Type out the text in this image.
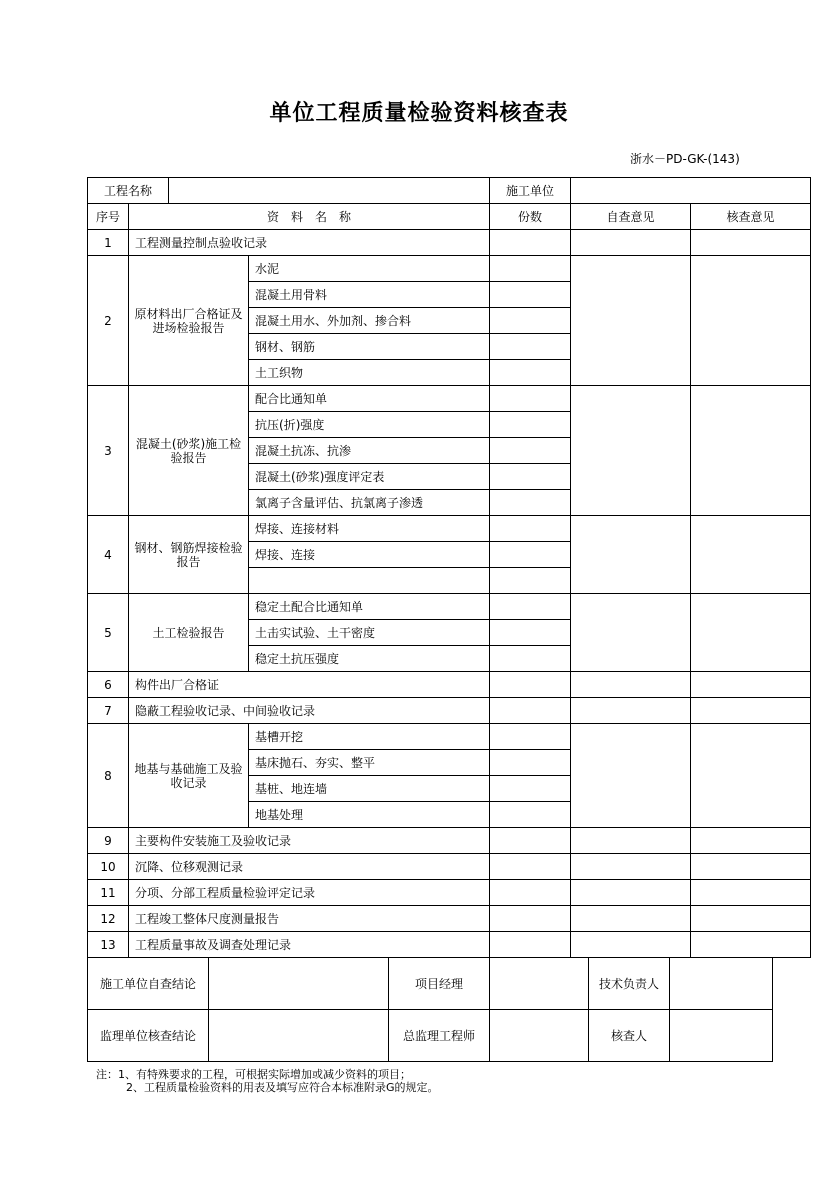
单位工程质量检验资料核查表
浙水－PD-GK-(143)
工程名称				施工单位		
序号	资　料　名　称			份数	自查意见	核查意见
1	工程测量控制点验收记录					
2	原材料出厂合格证及进场检验报告		水泥			
			混凝土用骨料			
			混凝土用水、外加剂、掺合料			
			钢材、钢筋			
			土工织物			
3	混凝土(砂浆)施工检验报告		配合比通知单			
			抗压(折)强度			
			混凝土抗冻、抗渗			
			混凝土(砂浆)强度评定表			
			氯离子含量评估、抗氯离子渗透			
4	钢材、钢筋焊接检验报告		焊接、连接材料			
			焊接、连接			

5	土工检验报告		稳定土配合比通知单			
			土击实试验、土干密度			
			稳定土抗压强度			
6	构件出厂合格证					
7	隐蔽工程验收记录、中间验收记录					
8	地基与基础施工及验收记录		基槽开挖			
			基床抛石、夯实、整平			
			基桩、地连墙			
			地基处理			
9	主要构件安装施工及验收记录					
10	沉降、位移观测记录					
11	分项、分部工程质量检验评定记录					
12	工程竣工整体尺度测量报告					
13	工程质量事故及调查处理记录					
施工单位自查结论		项目经理		技术负责人	
监理单位核查结论		总监理工程师		核查人	
注：1、有特殊要求的工程，可根据实际增加或减少资料的项目；
2、工程质量检验资料的用表及填写应符合本标准附录G的规定。
